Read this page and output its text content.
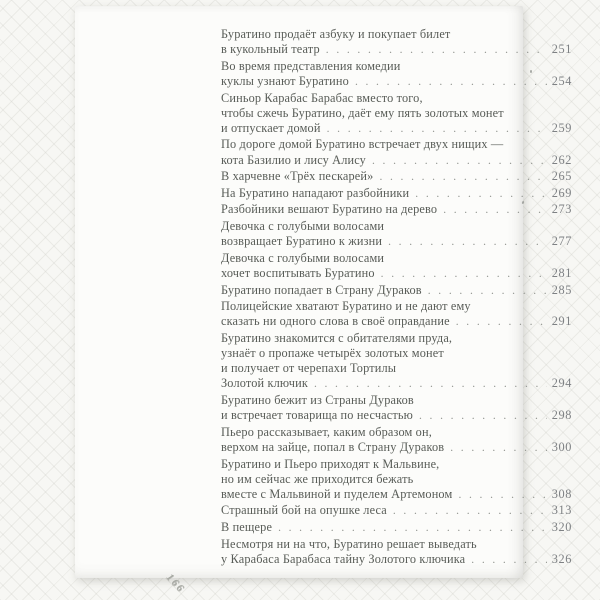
Буратино продаёт азбуку и покупает билет
в кукольный театр . . .	251
Во время представления комедии
куклы узнают Буратино . . .	254
Синьор Карабас Барабас вместо того,
чтобы сжечь Буратино, даёт ему пять золотых монет
и отпускает домой . . .	259
По дороге домой Буратино встречает двух нищих —
кота Базилио и лису Алису . . .	262
В харчевне «Трёх пескарей» . . .	265
На Буратино нападают разбойники . . .	269
Разбойники вешают Буратино на дерево . . .	273
Девочка с голубыми волосами
возвращает Буратино к жизни . . .	277
Девочка с голубыми волосами
хочет воспитывать Буратино . . .	281
Буратино попадает в Страну Дураков . . .	285
Полицейские хватают Буратино и не дают ему
сказать ни одного слова в своё оправдание . . .	291
Буратино знакомится с обитателями пруда,
узнаёт о пропаже четырёх золотых монет
и получает от черепахи Тортилы
Золотой ключик . . .	294
Буратино бежит из Страны Дураков
и встречает товарища по несчастью . . .	298
Пьеро рассказывает, каким образом он,
верхом на зайце, попал в Страну Дураков . . .	300
Буратино и Пьеро приходят к Мальвине,
но им сейчас же приходится бежать
вместе с Мальвиной и пуделем Артемоном . . .	308
Страшный бой на опушке леса . . .	313
В пещере . . .	320
Несмотря ни на что, Буратино решает выведать
у Карабаса Барабаса тайну Золотого ключика . . .	326
166
